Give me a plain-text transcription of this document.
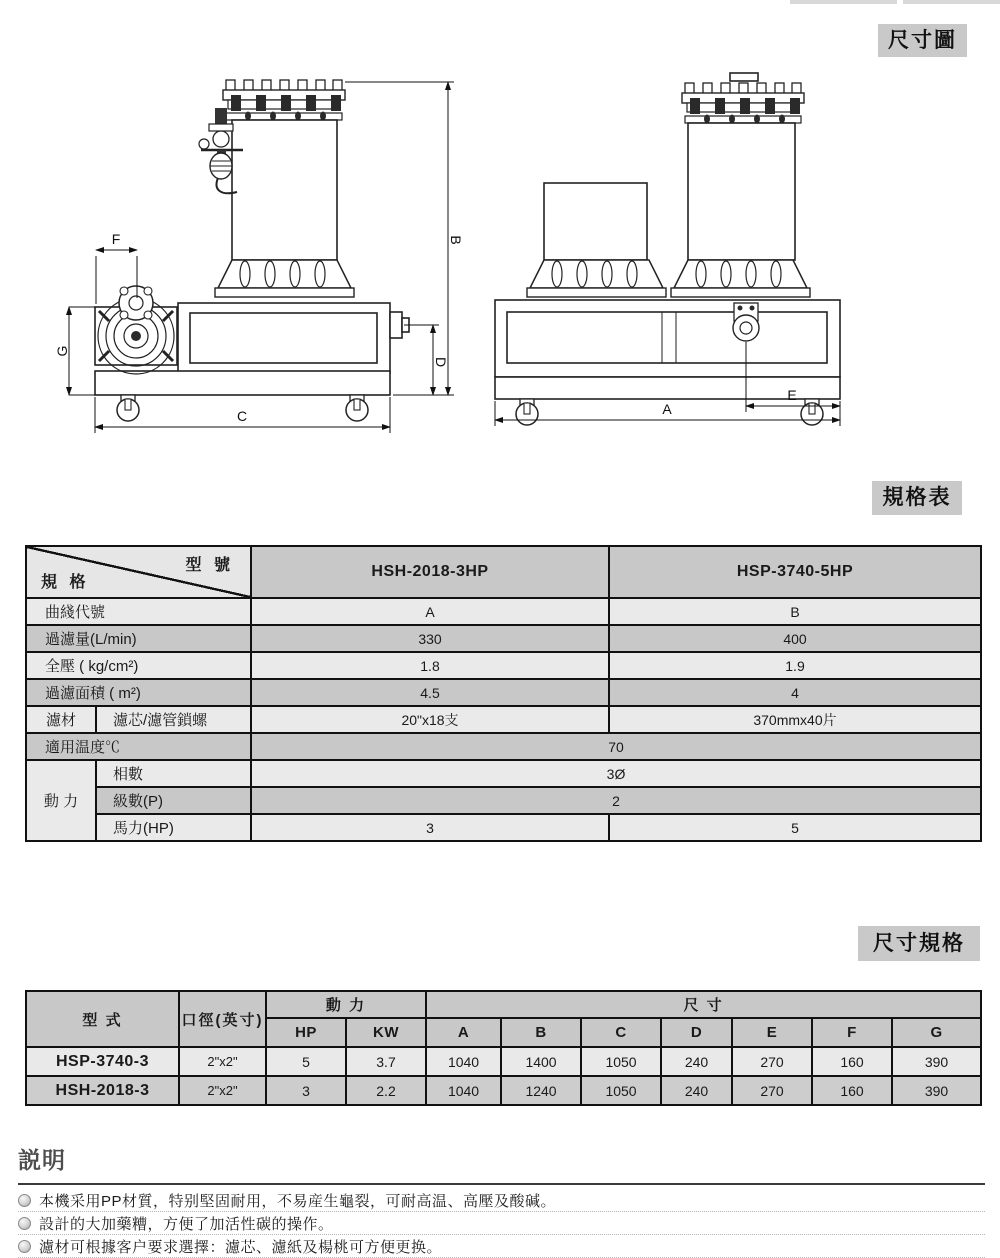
尺寸圖
B
D
C
F
G
A
E
規格表
型 號
規 格		HSH-2018-3HP	HSP-3740-5HP
曲綫代號		A	B
過濾量(L/min)		330	400
全壓 ( kg/cm²)		1.8	1.9
過濾面積 ( m²)		4.5	4
濾材	濾芯/濾管鎖螺	20"x18支	370mmx40片
適用温度℃		70	
動 力	相數	3Ø	
	級數(P)	2	
	馬力(HP)	3	5
尺寸規格
型 式	口徑(英寸)	動 力		尺 寸						
		HP	KW	A	B	C	D	E	F	G
HSP-3740-3	2"x2"	5	3.7	1040	1400	1050	240	270	160	390
HSH-2018-3	2"x2"	3	2.2	1040	1240	1050	240	270	160	390
説明
本機采用PP材質，特别堅固耐用，不易産生龜裂，可耐高温、高壓及酸碱。
設計的大加藥糟，方便了加活性碳的操作。
濾材可根據客户要求選擇：濾芯、濾紙及楊桃可方便更换。
